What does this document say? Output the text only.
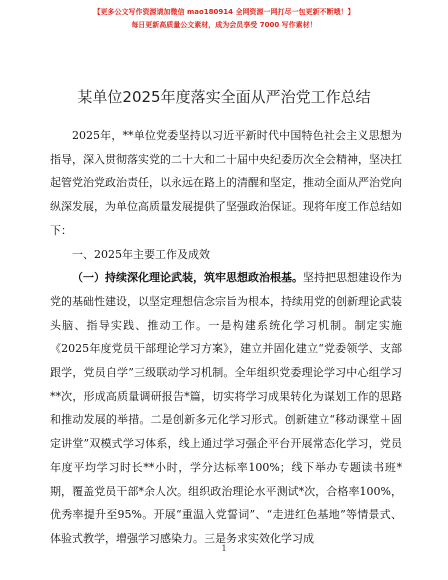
【更多公文写作资源请加微信 mao180914 全网资源一网打尽一包更新不断哦！】
每日更新高质量公文素材，成为会员享受 7000 写作素材！
某单位2025年度落实全面从严治党工作总结

2025年，**单位党委坚持以习近平新时代中国特色社会主义思想为指导，深入贯彻落实党的二十大和二十届中央纪委历次全会精神，坚决扛起管党治党政治责任，以永远在路上的清醒和坚定，推动全面从严治党向纵深发展，为单位高质量发展提供了坚强政治保证。现将年度工作总结如下：

一、2025年主要工作及成效

（一）持续深化理论武装，筑牢思想政治根基。坚持把思想建设作为党的基础性建设，以坚定理想信念宗旨为根本，持续用党的创新理论武装头脑、指导实践、推动工作。一是构建系统化学习机制。制定实施《2025年度党员干部理论学习方案》，建立并固化建立“党委领学、支部跟学，党员自学”三级联动学习机制。全年组织党委理论学习中心组学习**次，形成高质量调研报告*篇，切实将学习成果转化为谋划工作的思路和推动发展的举措。二是创新多元化学习形式。创新建立“移动课堂＋固定讲堂”双模式学习体系，线上通过学习强企平台开展常态化学习，党员年度平均学习时长**小时，学分达标率100%；线下举办专题读书班*期，覆盖党员干部*余人次。组织政治理论水平测试*次，合格率100%，优秀率提升至95%。开展“重温入党誓词”、“走进红色基地”等情景式、体验式教学，增强学习感染力。三是务求实效化学习成

1
